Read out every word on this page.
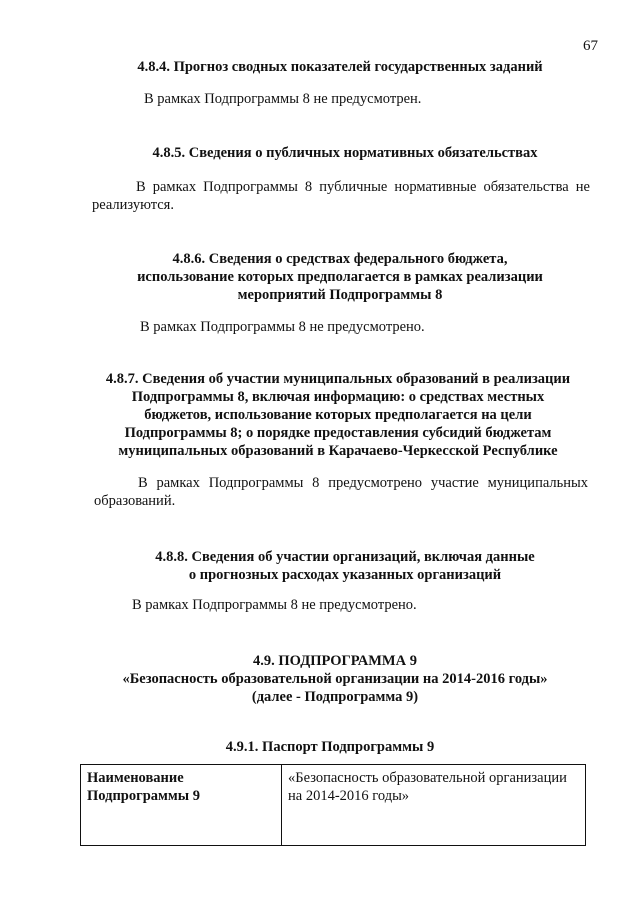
67
4.8.4. Прогноз сводных показателей государственных заданий
В рамках Подпрограммы 8 не предусмотрен.
4.8.5. Сведения о публичных нормативных обязательствах
В рамках Подпрограммы 8 публичные нормативные обязательства не реализуются.
4.8.6. Сведения о средствах федерального бюджета,
использование которых предполагается в рамках реализации
мероприятий Подпрограммы 8
В рамках Подпрограммы 8 не предусмотрено.
4.8.7. Сведения об участии муниципальных образований в реализации
Подпрограммы 8, включая информацию: о средствах местных
бюджетов, использование которых предполагается на цели
Подпрограммы 8; о порядке предоставления субсидий бюджетам
муниципальных образований в Карачаево-Черкесской Республике
В рамках Подпрограммы 8 предусмотрено участие муниципальных образований.
4.8.8. Сведения об участии организаций, включая данные
о прогнозных расходах указанных организаций
В рамках Подпрограммы 8 не предусмотрено.
4.9. ПОДПРОГРАММА 9
«Безопасность образовательной организации на 2014-2016 годы»
(далее - Подпрограмма 9)
4.9.1. Паспорт Подпрограммы 9
Наименование
Подпрограммы 9
	«Безопасность образовательной организации на 2014-2016 годы»
